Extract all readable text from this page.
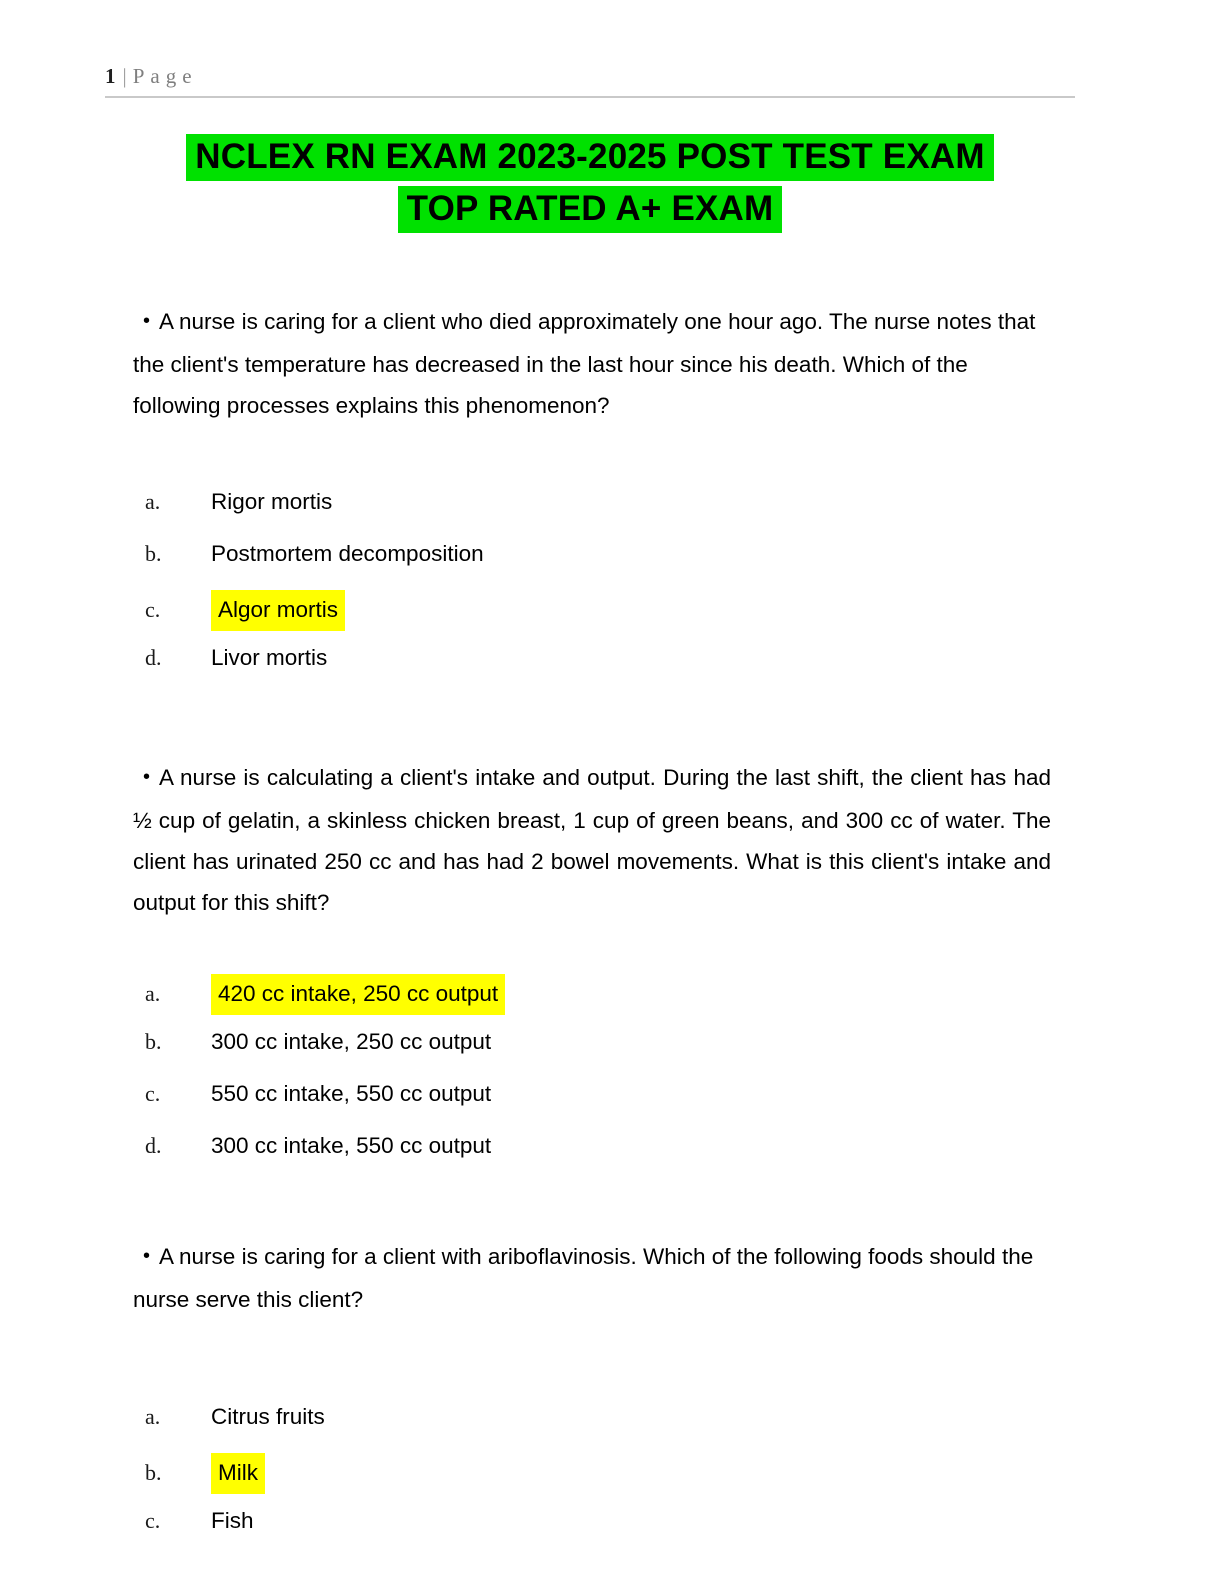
1 | Page
NCLEX RN EXAM 2023-2025 POST TEST EXAM
TOP RATED A+ EXAM

• A nurse is caring for a client who died approximately one hour ago. The nurse notes that the client's temperature has decreased in the last hour since his death. Which of the following processes explains this phenomenon?

a.	Rigor mortis
b.	Postmortem decomposition
c.	Algor mortis
d.	Livor mortis

• A nurse is calculating a client's intake and output. During the last shift, the client has had ½ cup of gelatin, a skinless chicken breast, 1 cup of green beans, and 300 cc of water. The client has urinated 250 cc and has had 2 bowel movements. What is this client's intake and output for this shift?

a.	420 cc intake, 250 cc output
b.	300 cc intake, 250 cc output
c.	550 cc intake, 550 cc output
d.	300 cc intake, 550 cc output

• A nurse is caring for a client with ariboflavinosis. Which of the following foods should the nurse serve this client?

a.	Citrus fruits
b.	Milk
c.	Fish
